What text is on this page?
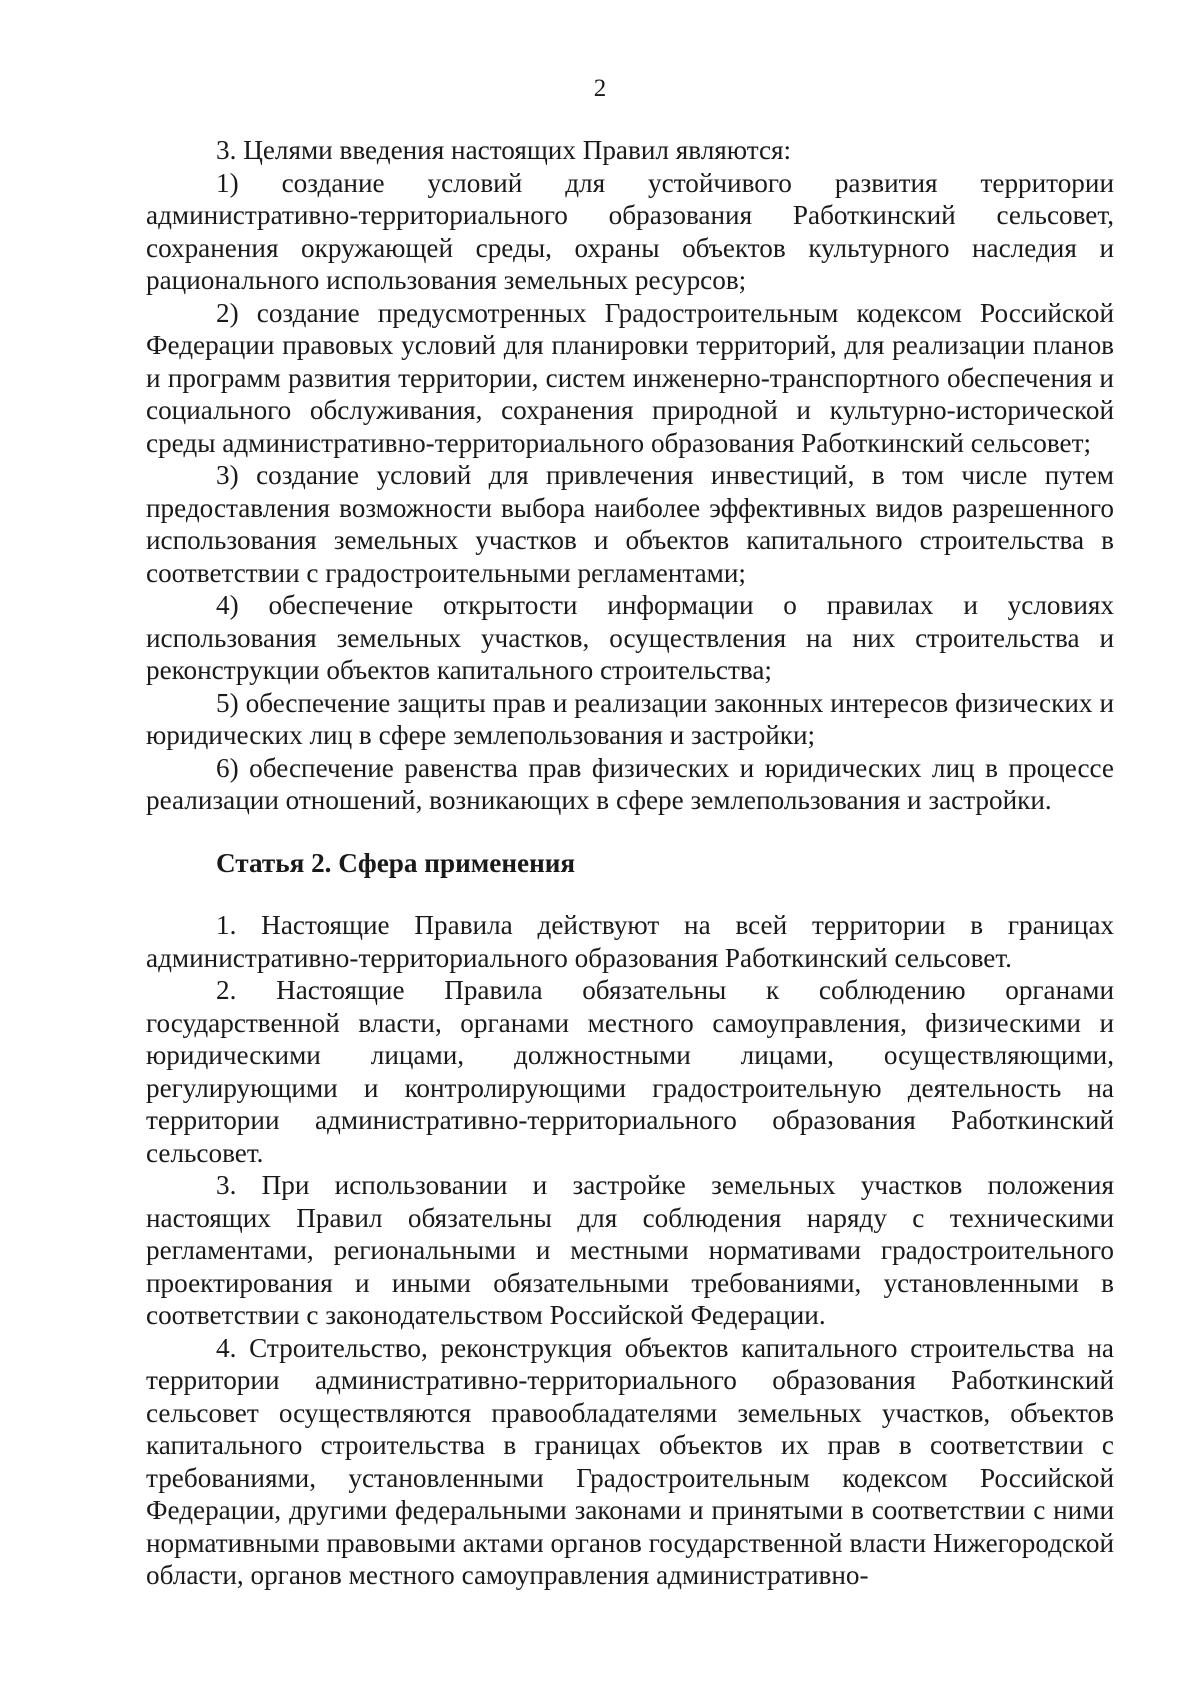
2

3. Целями введения настоящих Правил являются:

1) создание условий для устойчивого развития территории административно-территориального образования Работкинский сельсовет, сохранения окружающей среды, охраны объектов культурного наследия и рационального использования земельных ресурсов;

2) создание предусмотренных Градостроительным кодексом Российской Федерации правовых условий для планировки территорий, для реализации планов и программ развития территории, систем инженерно-транспортного обеспечения и социального обслуживания, сохранения природной и культурно-исторической среды административно-территориального образования Работкинский сельсовет;

3) создание условий для привлечения инвестиций, в том числе путем предоставления возможности выбора наиболее эффективных видов разрешенного использования земельных участков и объектов капитального строительства в соответствии с градостроительными регламентами;

4) обеспечение открытости информации о правилах и условиях использования земельных участков, осуществления на них строительства и реконструкции объектов капитального строительства;

5) обеспечение защиты прав и реализации законных интересов физических и юридических лиц в сфере землепользования и застройки;

6) обеспечение равенства прав физических и юридических лиц в процессе реализации отношений, возникающих в сфере землепользования и застройки.

Статья 2. Сфера применения

1. Настоящие Правила действуют на всей территории в границах административно-территориального образования Работкинский сельсовет.

2. Настоящие Правила обязательны к соблюдению органами государственной власти, органами местного самоуправления, физическими и юридическими лицами, должностными лицами, осуществляющими, регулирующими и контролирующими градостроительную деятельность на территории административно-территориального образования Работкинский сельсовет.

3. При использовании и застройке земельных участков положения настоящих Правил обязательны для соблюдения наряду с техническими регламентами, региональными и местными нормативами градостроительного проектирования и иными обязательными требованиями, установленными в соответствии с законодательством Российской Федерации.

4. Строительство, реконструкция объектов капитального строительства на территории административно-территориального образования Работкинский сельсовет осуществляются правообладателями земельных участков, объектов капитального строительства в границах объектов их прав в соответствии с требованиями, установленными Градостроительным кодексом Российской Федерации, другими федеральными законами и принятыми в соответствии с ними нормативными правовыми актами органов государственной власти Нижегородской области, органов местного самоуправления административно-
